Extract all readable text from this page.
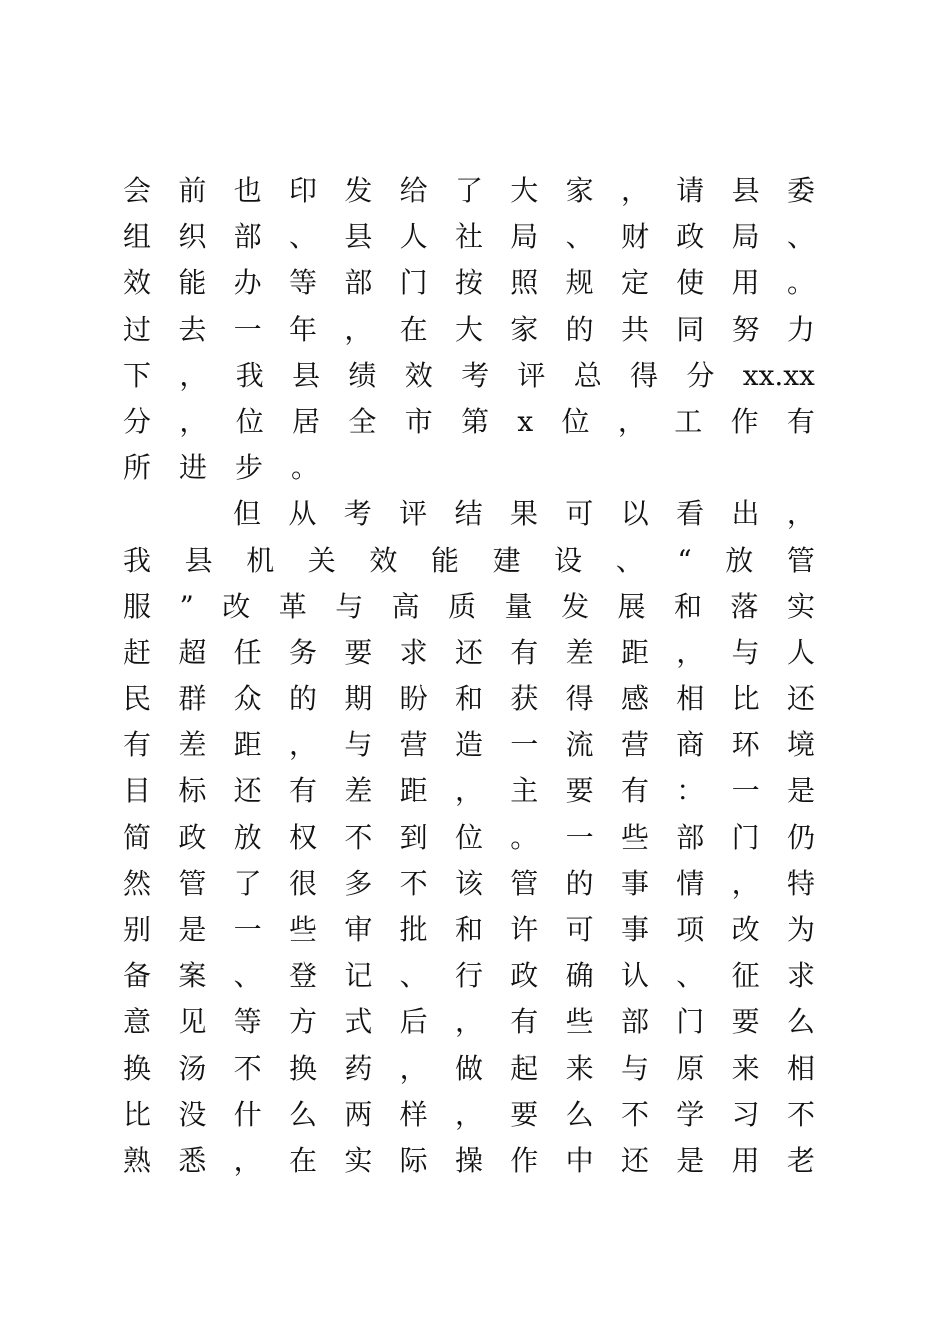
会 前 也 印 发 给 了 大 家 ， 请 县 委
组 织 部 、 县 人 社 局 、 财 政 局 、
效 能 办 等 部 门 按 照 规 定 使 用 。
过 去 一 年 ， 在 大 家 的 共 同 努 力
下 ， 我 县 绩 效 考 评 总 得 分 xx.xx
分 ， 位 居 全 市 第 x 位 ， 工 作 有
所 进 步 。
但 从 考 评 结 果 可 以 看 出 ，
我 县 机 关 效 能 建 设 、 “ 放 管
服 ” 改 革 与 高 质 量 发 展 和 落 实
赶 超 任 务 要 求 还 有 差 距 ， 与 人
民 群 众 的 期 盼 和 获 得 感 相 比 还
有 差 距 ， 与 营 造 一 流 营 商 环 境
目 标 还 有 差 距 ， 主 要 有 ： 一 是
简 政 放 权 不 到 位 。 一 些 部 门 仍
然 管 了 很 多 不 该 管 的 事 情 ， 特
别 是 一 些 审 批 和 许 可 事 项 改 为
备 案 、 登 记 、 行 政 确 认 、 征 求
意 见 等 方 式 后 ， 有 些 部 门 要 么
换 汤 不 换 药 ， 做 起 来 与 原 来 相
比 没 什 么 两 样 ， 要 么 不 学 习 不
熟 悉 ， 在 实 际 操 作 中 还 是 用 老
